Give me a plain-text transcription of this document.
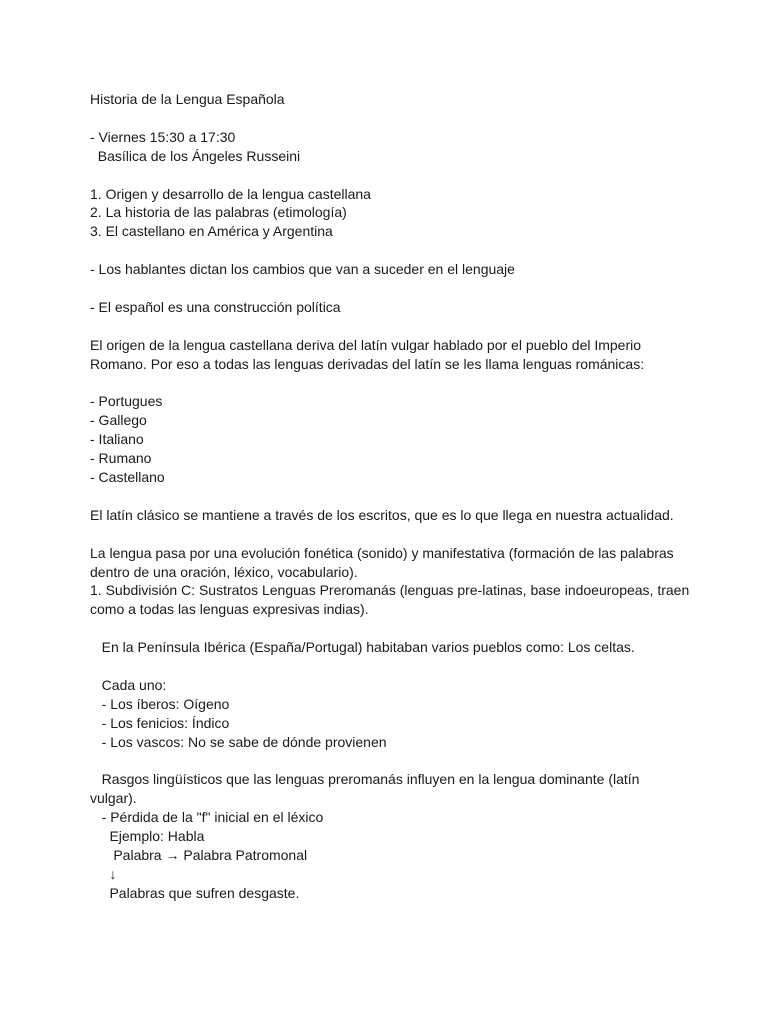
Historia de la Lengua Española
- Viernes 15:30 a 17:30
Basílica de los Ángeles Russeini
1. Origen y desarrollo de la lengua castellana
2. La historia de las palabras (etimología)
3. El castellano en América y Argentina
- Los hablantes dictan los cambios que van a suceder en el lenguaje
- El español es una construcción política
El origen de la lengua castellana deriva del latín vulgar hablado por el pueblo del Imperio Romano. Por eso a todas las lenguas derivadas del latín se les llama lenguas románicas:
- Portugues
- Gallego
- Italiano
- Rumano
- Castellano
El latín clásico se mantiene a través de los escritos, que es lo que llega en nuestra actualidad.
La lengua pasa por una evolución fonética (sonido) y manifestativa (formación de las palabras dentro de una oración, léxico, vocabulario).
1. Subdivisión C: Sustratos Lenguas Preromanás (lenguas pre-latinas, base indoeuropeas, traen como a todas las lenguas expresivas indias).
En la Península Ibérica (España/Portugal) habitaban varios pueblos como: Los celtas.
Cada uno:
- Los íberos: Oígeno
- Los fenicios: Índico
- Los vascos: No se sabe de dónde provienen
Rasgos lingüísticos que las lenguas preromanás influyen en la lengua dominante (latín vulgar).
- Pérdida de la "f" inicial en el léxico
Ejemplo: Habla
Palabra → Palabra Patromonal
↓
Palabras que sufren desgaste.
